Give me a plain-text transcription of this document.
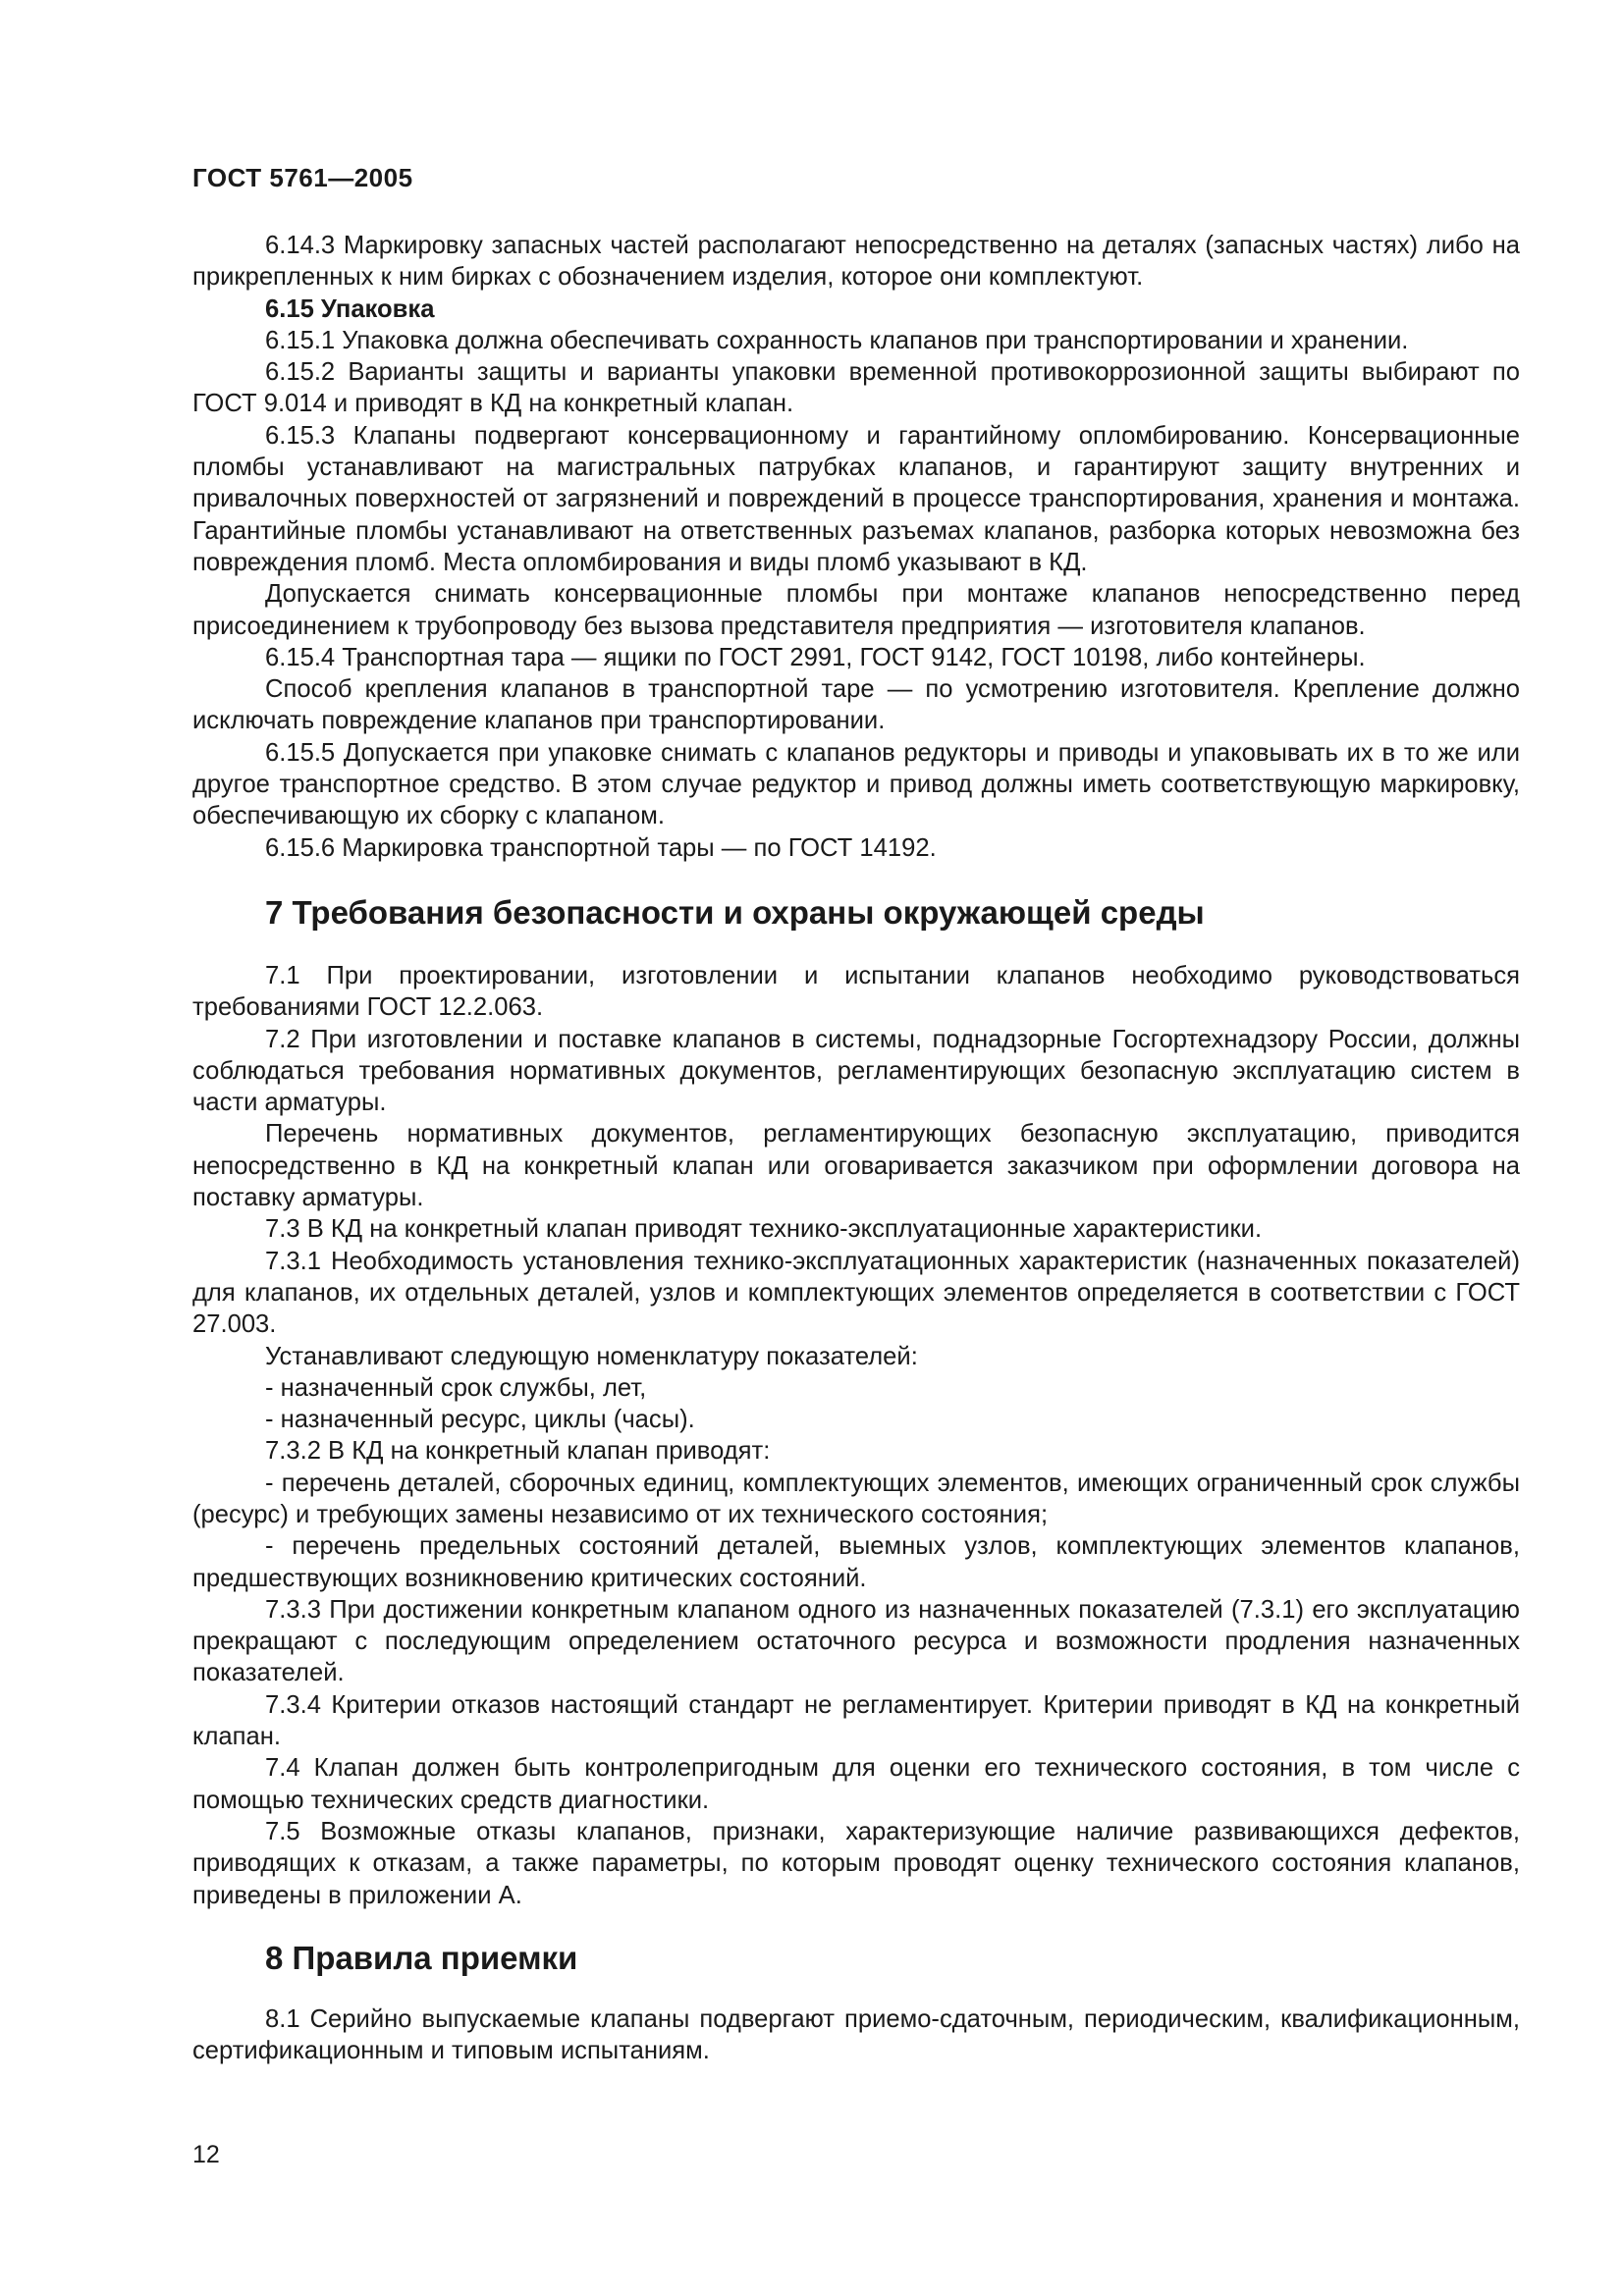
ГОСТ 5761—2005

6.14.3 Маркировку запасных частей располагают непосредственно на деталях (запасных частях) либо на прикрепленных к ним бирках с обозначением изделия, которое они комплектуют.

6.15 Упаковка

6.15.1 Упаковка должна обеспечивать сохранность клапанов при транспортировании и хранении.

6.15.2 Варианты защиты и варианты упаковки временной противокоррозионной защиты выбирают по ГОСТ 9.014 и приводят в КД на конкретный клапан.

6.15.3 Клапаны подвергают консервационному и гарантийному опломбированию. Консервационные пломбы устанавливают на магистральных патрубках клапанов, и гарантируют защиту внутренних и привалочных поверхностей от загрязнений и повреждений в процессе транспортирования, хранения и монтажа. Гарантийные пломбы устанавливают на ответственных разъемах клапанов, разборка которых невозможна без повреждения пломб. Места опломбирования и виды пломб указывают в КД.

Допускается снимать консервационные пломбы при монтаже клапанов непосредственно перед присоединением к трубопроводу без вызова представителя предприятия — изготовителя клапанов.

6.15.4 Транспортная тара — ящики по ГОСТ 2991, ГОСТ 9142, ГОСТ 10198, либо контейнеры.

Способ крепления клапанов в транспортной таре — по усмотрению изготовителя. Крепление должно исключать повреждение клапанов при транспортировании.

6.15.5 Допускается при упаковке снимать с клапанов редукторы и приводы и упаковывать их в то же или другое транспортное средство. В этом случае редуктор и привод должны иметь соответствующую маркировку, обеспечивающую их сборку с клапаном.

6.15.6 Маркировка транспортной тары — по ГОСТ 14192.

7 Требования безопасности и охраны окружающей среды

7.1 При проектировании, изготовлении и испытании клапанов необходимо руководствоваться требованиями ГОСТ 12.2.063.

7.2 При изготовлении и поставке клапанов в системы, поднадзорные Госгортехнадзору России, должны соблюдаться требования нормативных документов, регламентирующих безопасную эксплуатацию систем в части арматуры.

Перечень нормативных документов, регламентирующих безопасную эксплуатацию, приводится непосредственно в КД на конкретный клапан или оговаривается заказчиком при оформлении договора на поставку арматуры.

7.3 В КД на конкретный клапан приводят технико-эксплуатационные характеристики.

7.3.1 Необходимость установления технико-эксплуатационных характеристик (назначенных показателей) для клапанов, их отдельных деталей, узлов и комплектующих элементов определяется в соответствии с ГОСТ 27.003.

Устанавливают следующую номенклатуру показателей:

- назначенный срок службы, лет,

- назначенный ресурс, циклы (часы).

7.3.2 В КД на конкретный клапан приводят:

- перечень деталей, сборочных единиц, комплектующих элементов, имеющих ограниченный срок службы (ресурс) и требующих замены независимо от их технического состояния;

- перечень предельных состояний деталей, выемных узлов, комплектующих элементов клапанов, предшествующих возникновению критических состояний.

7.3.3 При достижении конкретным клапаном одного из назначенных показателей (7.3.1) его эксплуатацию прекращают с последующим определением остаточного ресурса и возможности продления назначенных показателей.

7.3.4 Критерии отказов настоящий стандарт не регламентирует. Критерии приводят в КД на конкретный клапан.

7.4 Клапан должен быть контролепригодным для оценки его технического состояния, в том числе с помощью технических средств диагностики.

7.5 Возможные отказы клапанов, признаки, характеризующие наличие развивающихся дефектов, приводящих к отказам, а также параметры, по которым проводят оценку технического состояния клапанов, приведены в приложении А.

8 Правила приемки

8.1 Серийно выпускаемые клапаны подвергают приемо-сдаточным, периодическим, квалификационным, сертификационным и типовым испытаниям.

12
